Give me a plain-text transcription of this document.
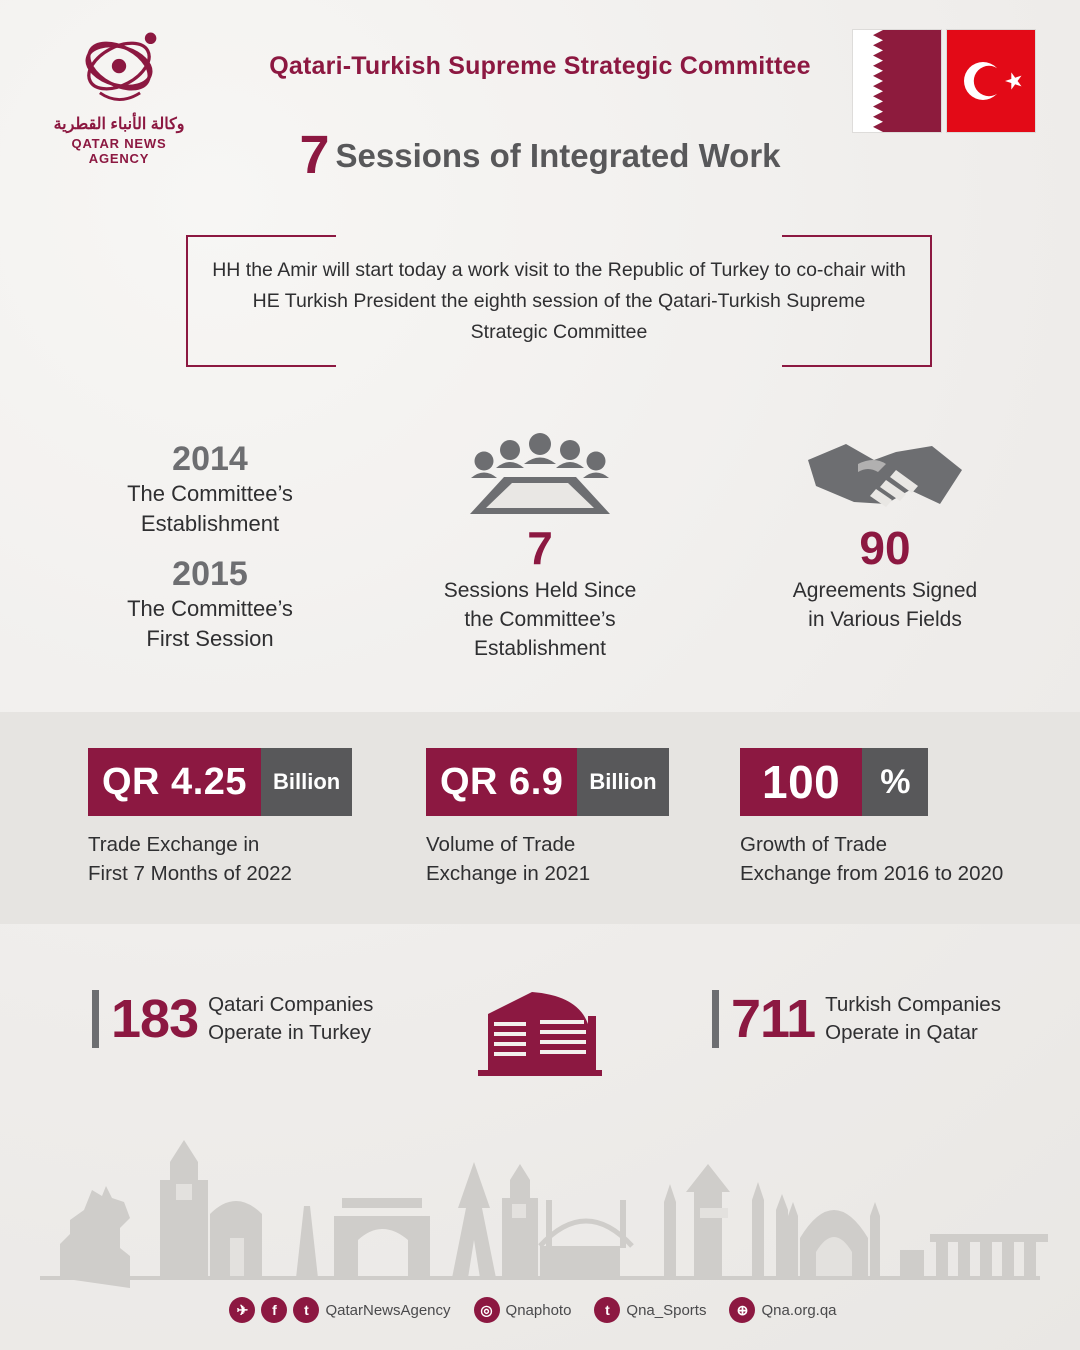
وكالة الأنباء القطرية
QATAR NEWS AGENCY
Qatari-Turkish Supreme Strategic Committee
7 Sessions of Integrated Work
HH the Amir will start today a work visit to the Republic of Turkey to co-chair with HE Turkish President the eighth session of the Qatari-Turkish Supreme Strategic Committee
2014
The Committee’s
Establishment
2015
The Committee’s
First Session
7
Sessions Held Since
the Committee’s
Establishment
90
Agreements Signed
in Various Fields
QR 4.25	Billion
Trade Exchange in
First 7 Months of 2022
QR 6.9	Billion
Volume of Trade
Exchange in 2021
100	%
Growth of Trade
Exchange from 2016 to 2020
183 Qatari Companies
Operate in Turkey	711 Turkish Companies
Operate in Qatar
✈	f	t	QatarNewsAgency	◎ Qnaphoto	t	Qna_Sports	⊕ Qna.org.qa
